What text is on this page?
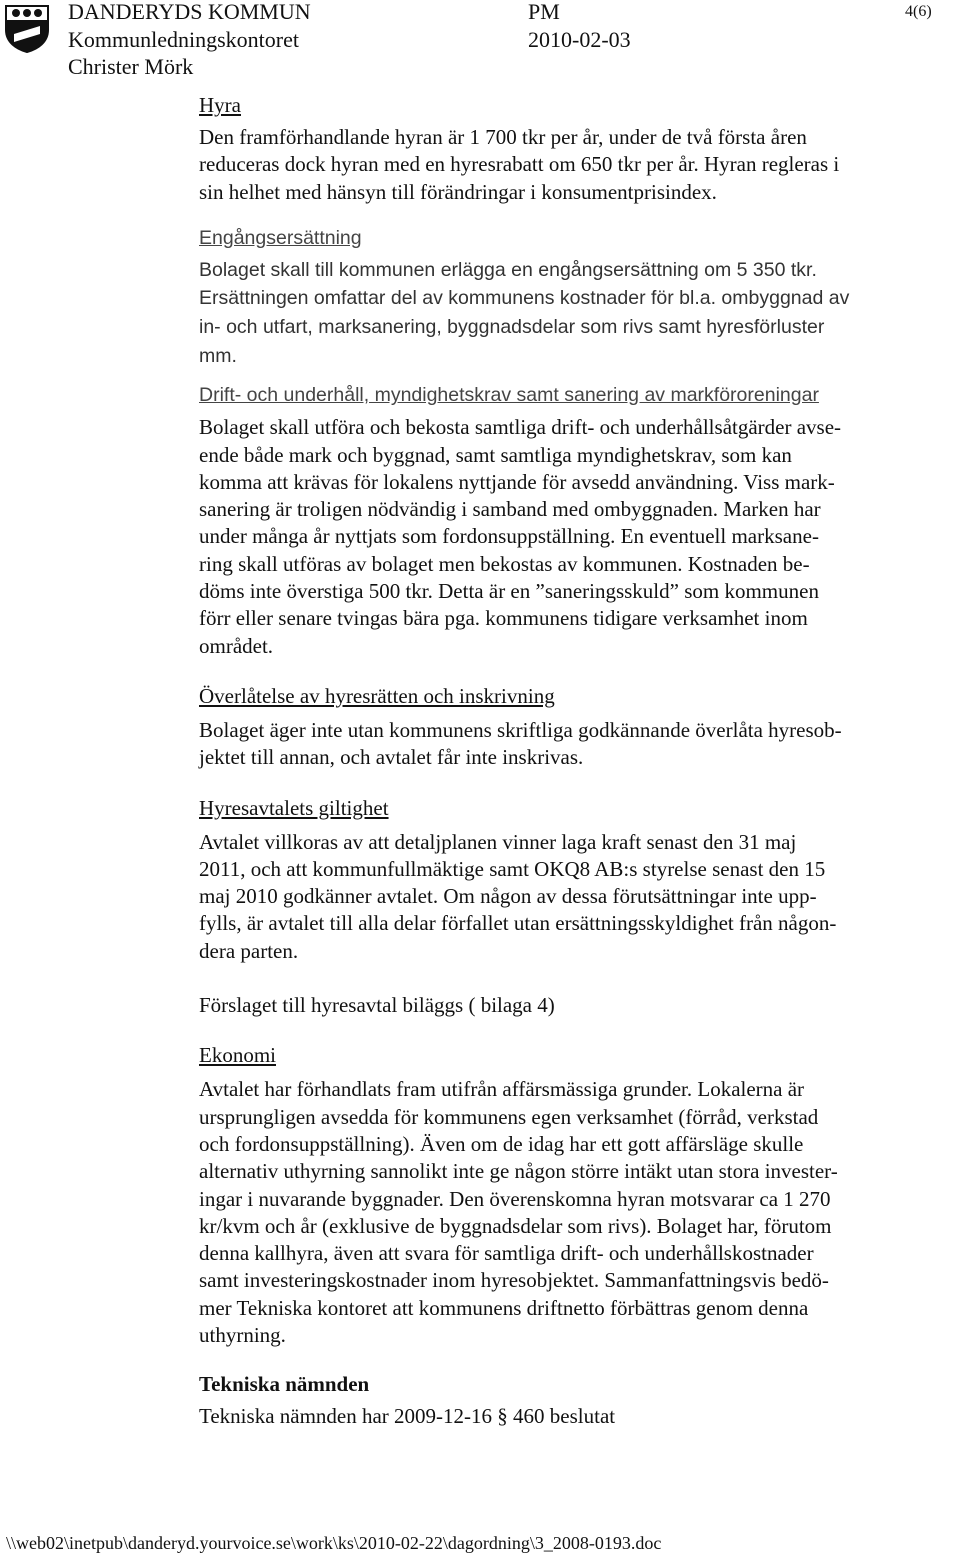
DANDERYDS KOMMUN
Kommunledningskontoret
Christer Mörk
PM
2010-02-03
4(6)
Hyra

Den framförhandlande hyran är 1 700 tkr per år, under de två första åren
reduceras dock hyran med en hyresrabatt om 650 tkr per år. Hyran regleras i
sin helhet med hänsyn till förändringar i konsumentprisindex.

Engångsersättning

Bolaget skall till kommunen erlägga en engångsersättning om 5 350 tkr.
Ersättningen omfattar del av kommunens kostnader för bl.a. ombyggnad av
in- och utfart, marksanering, byggnadsdelar som rivs samt hyresförluster
mm.

Drift- och underhåll, myndighetskrav samt sanering av markföroreningar

Bolaget skall utföra och bekosta samtliga drift- och underhållsåtgärder avse-
ende både mark och byggnad, samt samtliga myndighetskrav, som kan
komma att krävas för lokalens nyttjande för avsedd användning. Viss mark-
sanering är troligen nödvändig i samband med ombyggnaden. Marken har
under många år nyttjats som fordonsuppställning. En eventuell marksane-
ring skall utföras av bolaget men bekostas av kommunen. Kostnaden be-
döms inte överstiga 500 tkr. Detta är en ”saneringsskuld” som kommunen
förr eller senare tvingas bära pga. kommunens tidigare verksamhet inom
området.

Överlåtelse av hyresrätten och inskrivning

Bolaget äger inte utan kommunens skriftliga godkännande överlåta hyresob-
jektet till annan, och avtalet får inte inskrivas.

Hyresavtalets giltighet

Avtalet villkoras av att detaljplanen vinner laga kraft senast den 31 maj
2011, och att kommunfullmäktige samt OKQ8 AB:s styrelse senast den 15
maj 2010 godkänner avtalet. Om någon av dessa förutsättningar inte upp-
fylls, är avtalet till alla delar förfallet utan ersättningsskyldighet från någon-
dera parten.

Förslaget till hyresavtal biläggs ( bilaga 4)

Ekonomi

Avtalet har förhandlats fram utifrån affärsmässiga grunder. Lokalerna är
ursprungligen avsedda för kommunens egen verksamhet (förråd, verkstad
och fordonsuppställning). Även om de idag har ett gott affärsläge skulle
alternativ uthyrning sannolikt inte ge någon större intäkt utan stora invester-
ingar i nuvarande byggnader. Den överenskomna hyran motsvarar ca 1 270
kr/kvm och år (exklusive de byggnadsdelar som rivs). Bolaget har, förutom
denna kallhyra, även att svara för samtliga drift- och underhållskostnader
samt investeringskostnader inom hyresobjektet. Sammanfattningsvis bedö-
mer Tekniska kontoret att kommunens driftnetto förbättras genom denna
uthyrning.

Tekniska nämnden

Tekniska nämnden har 2009-12-16 § 460 beslutat

\\web02\inetpub\danderyd.yourvoice.se\work\ks\2010-02-22\dagordning\3_2008-0193.doc
